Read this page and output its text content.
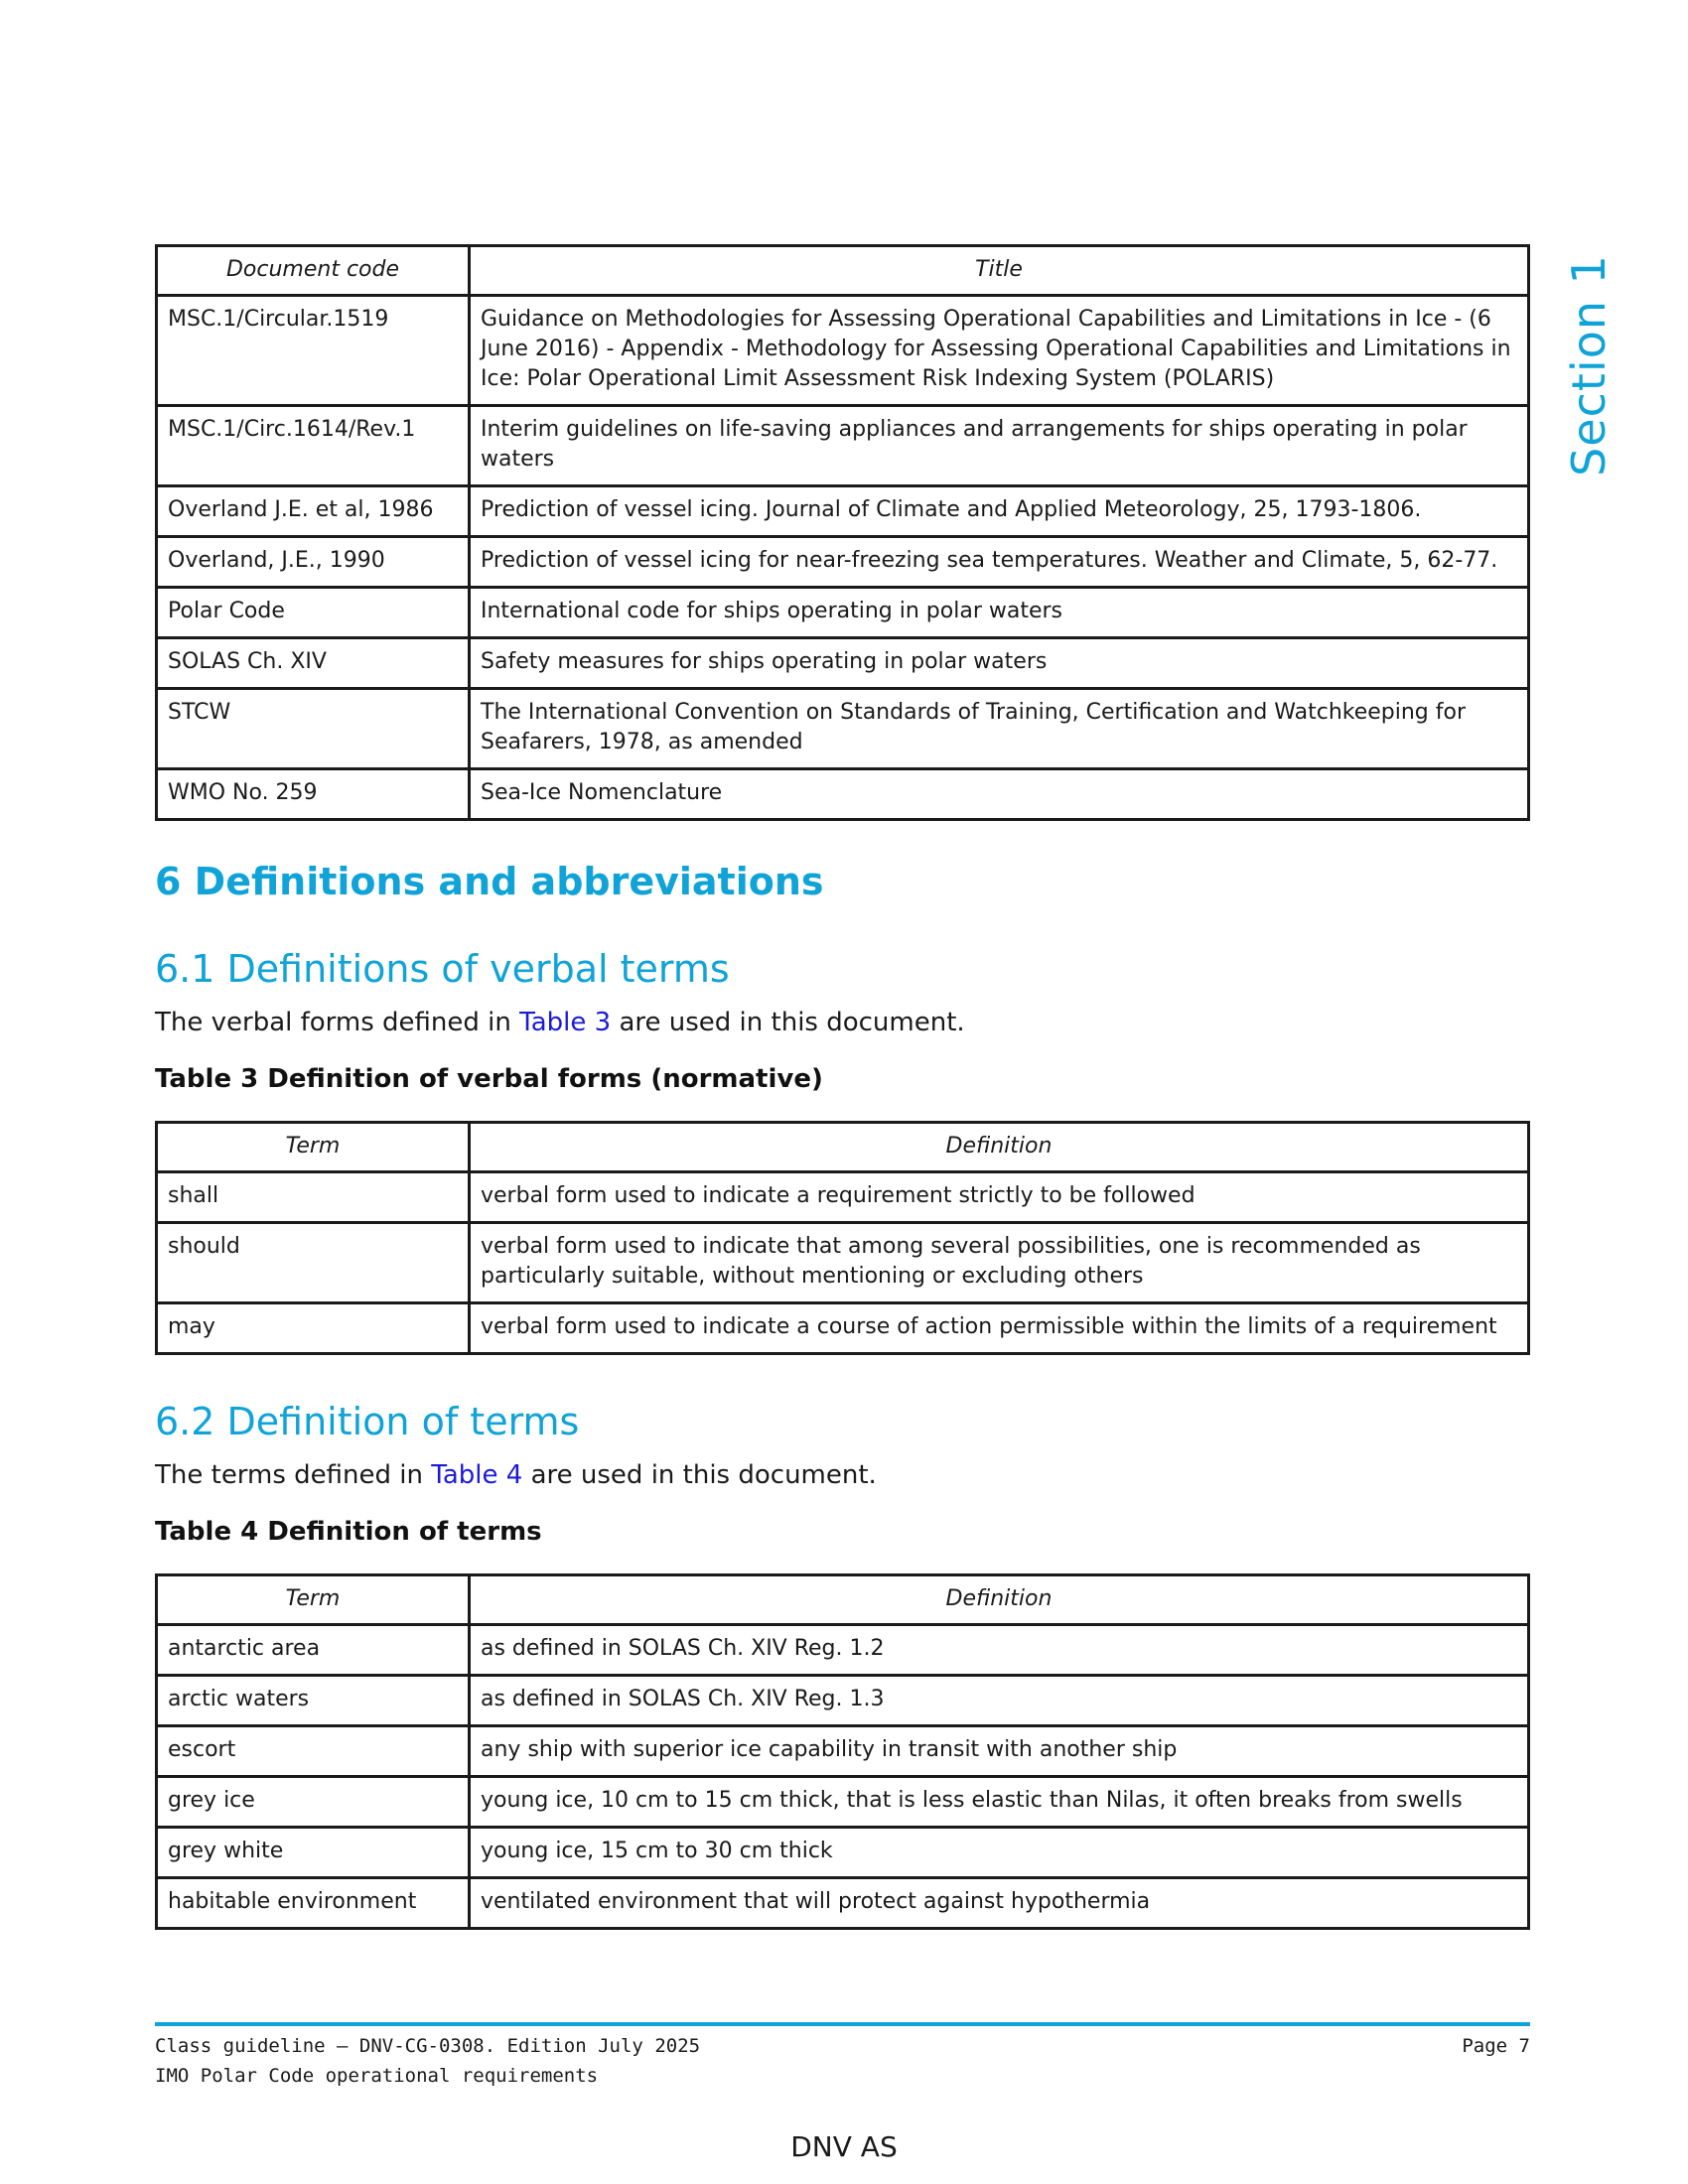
Section 1
Document code	Title
MSC.1/Circular.1519	Guidance on Methodologies for Assessing Operational Capabilities and Limitations in Ice - (6 June 2016) - Appendix - Methodology for Assessing Operational Capabilities and Limitations in Ice: Polar Operational Limit Assessment Risk Indexing System (POLARIS)
MSC.1/Circ.1614/Rev.1	Interim guidelines on life-saving appliances and arrangements for ships operating in polar waters
Overland J.E. et al, 1986	Prediction of vessel icing. Journal of Climate and Applied Meteorology, 25, 1793-1806.
Overland, J.E., 1990	Prediction of vessel icing for near-freezing sea temperatures. Weather and Climate, 5, 62-77.
Polar Code	International code for ships operating in polar waters
SOLAS Ch. XIV	Safety measures for ships operating in polar waters
STCW	The International Convention on Standards of Training, Certification and Watchkeeping for Seafarers, 1978, as amended
WMO No. 259	Sea-Ice Nomenclature
6 Definitions and abbreviations
6.1 Definitions of verbal terms

The verbal forms defined in Table 3 are used in this document.

Table 3 Definition of verbal forms (normative)

Term	Definition
shall	verbal form used to indicate a requirement strictly to be followed
should	verbal form used to indicate that among several possibilities, one is recommended as particularly suitable, without mentioning or excluding others
may	verbal form used to indicate a course of action permissible within the limits of a requirement
6.2 Definition of terms

The terms defined in Table 4 are used in this document.

Table 4 Definition of terms

Term	Definition
antarctic area	as defined in SOLAS Ch. XIV Reg. 1.2
arctic waters	as defined in SOLAS Ch. XIV Reg. 1.3
escort	any ship with superior ice capability in transit with another ship
grey ice	young ice, 10 cm to 15 cm thick, that is less elastic than Nilas, it often breaks from swells
grey white	young ice, 15 cm to 30 cm thick
habitable environment	ventilated environment that will protect against hypothermia

Class guideline — DNV-CG-0308. Edition July 2025

IMO Polar Code operational requirements

Page 7

DNV AS
